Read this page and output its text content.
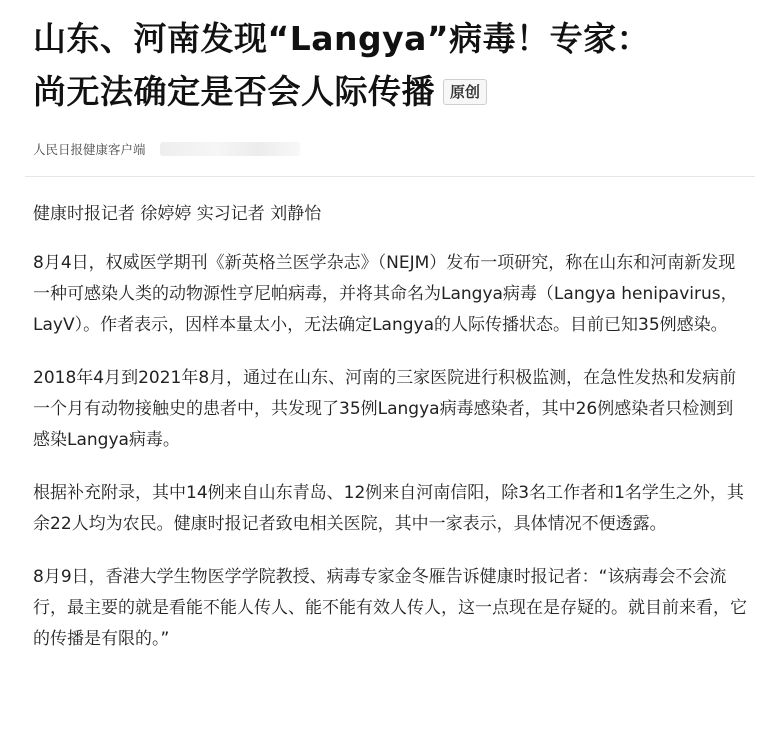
山东、河南发现“Langya”病毒！专家：
尚无法确定是否会人际传播 原创
人民日报健康客户端

健康时报记者 徐婷婷 实习记者 刘静怡

8月4日，权威医学期刊《新英格兰医学杂志》（NEJM）发布一项研究，称在山东和河南新发现一种可感染人类的动物源性亨尼帕病毒，并将其命名为Langya病毒（Langya henipavirus，LayV）。作者表示，因样本量太小，无法确定Langya的人际传播状态。目前已知35例感染。

2018年4月到2021年8月，通过在山东、河南的三家医院进行积极监测，在急性发热和发病前一个月有动物接触史的患者中，共发现了35例Langya病毒感染者，其中26例感染者只检测到感染Langya病毒。

根据补充附录，其中14例来自山东青岛、12例来自河南信阳，除3名工作者和1名学生之外，其余22人均为农民。健康时报记者致电相关医院，其中一家表示，具体情况不便透露。

8月9日，香港大学生物医学学院教授、病毒专家金冬雁告诉健康时报记者：“该病毒会不会流行，最主要的就是看能不能人传人、能不能有效人传人，这一点现在是存疑的。就目前来看，它的传播是有限的。”
